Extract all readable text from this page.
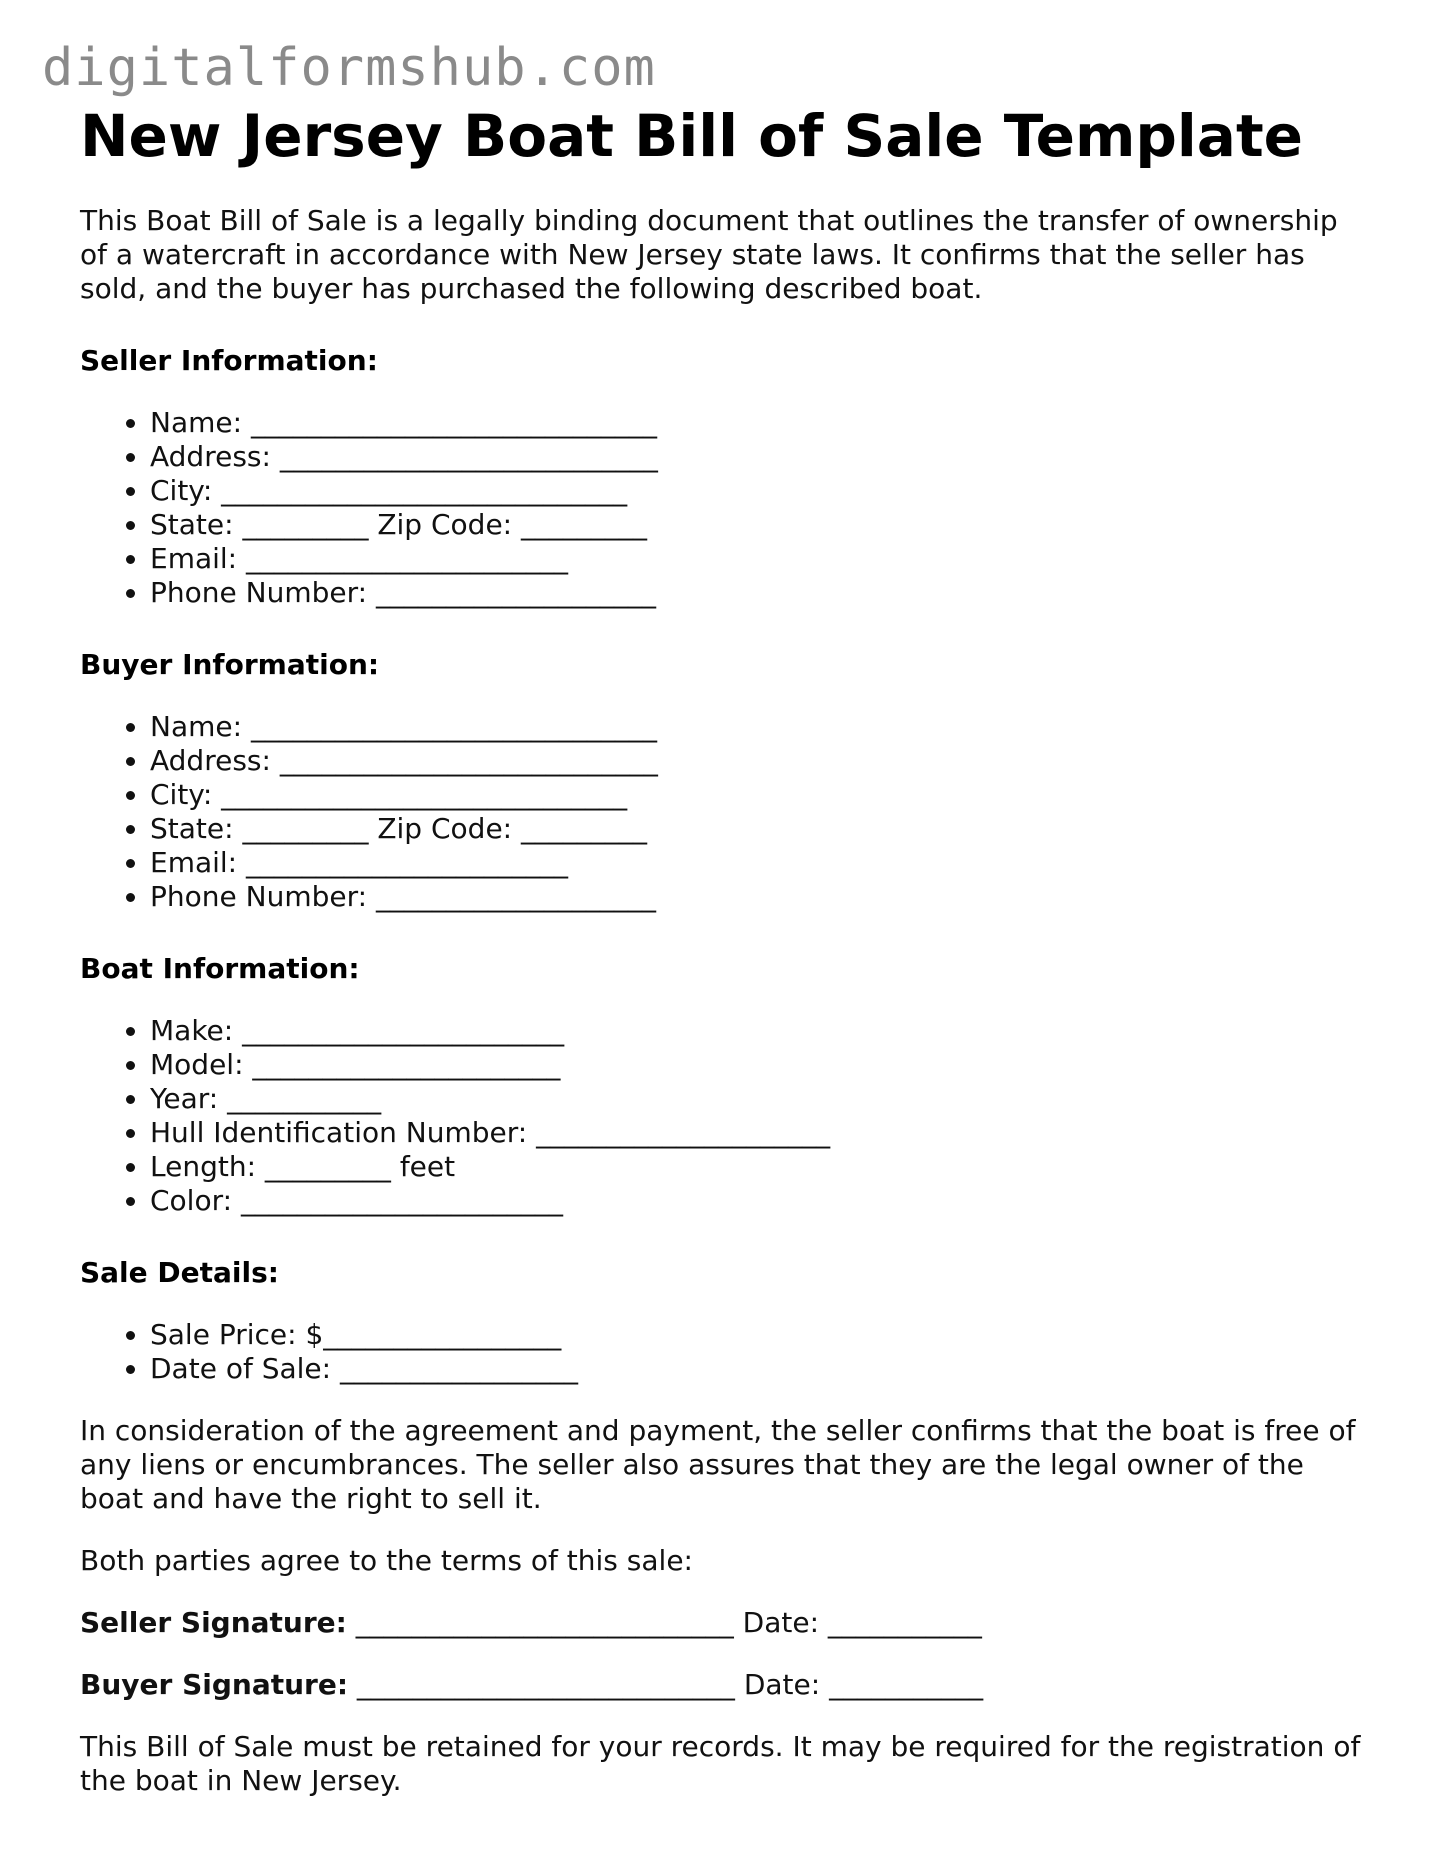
digitalformshub.com
New Jersey Boat Bill of Sale Template

This Boat Bill of Sale is a legally binding document that outlines the transfer of ownership of a watercraft in accordance with New Jersey state laws. It confirms that the seller has sold, and the buyer has purchased the following described boat.

Seller Information:
• Name: _____________________________
• Address: ___________________________
• City: _____________________________
• State: _________ Zip Code: _________
• Email: _______________________
• Phone Number: ____________________
Buyer Information:
• Name: _____________________________
• Address: ___________________________
• City: _____________________________
• State: _________ Zip Code: _________
• Email: _______________________
• Phone Number: ____________________
Boat Information:
• Make: _______________________
• Model: ______________________
• Year: ___________
• Hull Identification Number: _____________________
• Length: _________ feet
• Color: _______________________
Sale Details:
• Sale Price: $_________________
• Date of Sale: _________________

In consideration of the agreement and payment, the seller confirms that the boat is free of any liens or encumbrances. The seller also assures that they are the legal owner of the boat and have the right to sell it.

Both parties agree to the terms of this sale:

Seller Signature: ___________________________ Date: ___________
Buyer Signature: ___________________________ Date: ___________

This Bill of Sale must be retained for your records. It may be required for the registration of the boat in New Jersey.
